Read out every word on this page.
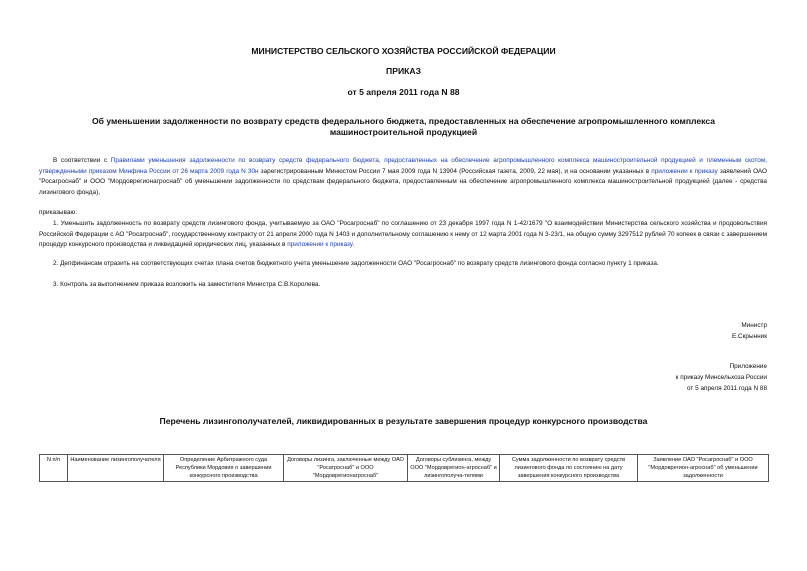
МИНИСТЕРСТВО СЕЛЬСКОГО ХОЗЯЙСТВА РОССИЙСКОЙ ФЕДЕРАЦИИ
ПРИКАЗ
от 5 апреля 2011 года N 88
Об уменьшении задолженности по возврату средств федерального бюджета, предоставленных на обеспечение агропромышленного комплекса машиностроительной продукцией
В соответствии с Правилами уменьшения задолженности по возврату средств федерального бюджета, предоставленных на обеспечение агропромышленного комплекса машиностроительной продукцией и племенным скотом, утвержденными приказом Минфина России от 26 марта 2009 года N 30н зарегистрированным Минюстом России 7 мая 2009 года N 13904 (Российская газета, 2009, 22 мая), и на основании указанных в приложении к приказу заявлений ОАО "Росагроснаб" и ООО "Мордоврегионагроснаб" об уменьшении задолженности по средствам федерального бюджета, предоставленным на обеспечение агропромышленного комплекса машиностроительной продукцией (далее - средства лизингового фонда),
приказываю:
1. Уменьшить задолженность по возврату средств лизингового фонда, учитываемую за ОАО "Росагроснаб" по соглашению от 23 декабря 1997 года N 1-42/1679 "О взаимодействии Министерства сельского хозяйства и продовольствия Российской Федерации с АО "Росагроснаб", государственному контракту от 21 апреля 2000 года N 1403 и дополнительному соглашению к нему от 12 марта 2001 года N 3-23/1, на общую сумму 3297512 рублей 70 копеек в связи с завершением процедур конкурсного производства и ликвидацией юридических лиц, указанных в приложении к приказу.
2. Депфинансам отразить на соответствующих счетах плана счетов бюджетного учета уменьшение задолженности ОАО "Росагроснаб" по возврату средств лизингового фонда согласно пункту 1 приказа.
3. Контроль за выполнением приказа возложить на заместителя Министра С.В.Королева.
Министр
Е.Скрынник
Приложение
к приказу Минсельхоза России
от 5 апреля 2011 года N 88
Перечень лизингополучателей, ликвидированных в результате завершения процедур конкурсного производства
N п/п	Наименование лизингополучателя	Определение Арбитражного суда Республики Мордовия о завершении конкурсного производства	Договоры лизинга, заключенные между ОАО "Росагроснаб" и ООО "Мордоврегионагроснаб"	Договоры сублизинга, между ООО "Мордоврегион-агроснаб" и лизингополуча-телями	Сумма задолженности по возврату средств лизингового фонда по состоянию на дату завершения конкурсного производства	Заявление ОАО "Росагроснаб" и ООО "Мордоврегион-агроснаб" об уменьшении задолженности
